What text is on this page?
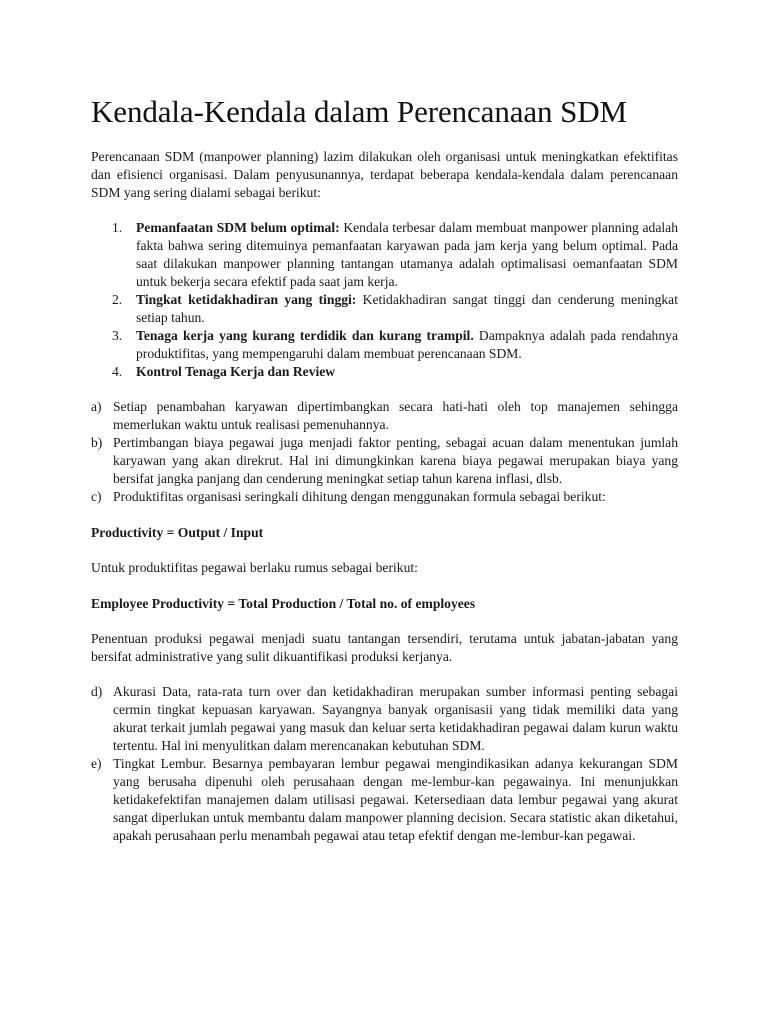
Kendala-Kendala dalam Perencanaan SDM

Perencanaan SDM (manpower planning) lazim dilakukan oleh organisasi untuk meningkatkan efektifitas dan efisienci organisasi. Dalam penyusunannya, terdapat beberapa kendala-kendala dalam perencanaan SDM yang sering dialami sebagai berikut:

1. Pemanfaatan SDM belum optimal: Kendala terbesar dalam membuat manpower planning adalah fakta bahwa sering ditemuinya pemanfaatan karyawan pada jam kerja yang belum optimal. Pada saat dilakukan manpower planning tantangan utamanya adalah optimalisasi oemanfaatan SDM untuk bekerja secara efektif pada saat jam kerja.
2. Tingkat ketidakhadiran yang tinggi: Ketidakhadiran sangat tinggi dan cenderung meningkat setiap tahun.
3. Tenaga kerja yang kurang terdidik dan kurang trampil. Dampaknya adalah pada rendahnya produktifitas, yang mempengaruhi dalam membuat perencanaan SDM.
4. Kontrol Tenaga Kerja dan Review
a) Setiap penambahan karyawan dipertimbangkan secara hati-hati oleh top manajemen sehingga memerlukan waktu untuk realisasi pemenuhannya.
b) Pertimbangan biaya pegawai juga menjadi faktor penting, sebagai acuan dalam menentukan jumlah karyawan yang akan direkrut. Hal ini dimungkinkan karena biaya pegawai merupakan biaya yang bersifat jangka panjang dan cenderung meningkat setiap tahun karena inflasi, dlsb.
c) Produktifitas organisasi seringkali dihitung dengan menggunakan formula sebagai berikut:

Productivity = Output / Input

Untuk produktifitas pegawai berlaku rumus sebagai berikut:

Employee Productivity = Total Production / Total no. of employees

Penentuan produksi pegawai menjadi suatu tantangan tersendiri, terutama untuk jabatan-jabatan yang bersifat administrative yang sulit dikuantifikasi produksi kerjanya.

d) Akurasi Data, rata-rata turn over dan ketidakhadiran merupakan sumber informasi penting sebagai cermin tingkat kepuasan karyawan. Sayangnya banyak organisasii yang tidak memiliki data yang akurat terkait jumlah pegawai yang masuk dan keluar serta ketidakhadiran pegawai dalam kurun waktu tertentu. Hal ini menyulitkan dalam merencanakan kebutuhan SDM.
e) Tingkat Lembur. Besarnya pembayaran lembur pegawai mengindikasikan adanya kekurangan SDM yang berusaha dipenuhi oleh perusahaan dengan me-lembur-kan pegawainya. Ini menunjukkan ketidakefektifan manajemen dalam utilisasi pegawai. Ketersediaan data lembur pegawai yang akurat sangat diperlukan untuk membantu dalam manpower planning decision. Secara statistic akan diketahui, apakah perusahaan perlu menambah pegawai atau tetap efektif dengan me-lembur-kan pegawai.
